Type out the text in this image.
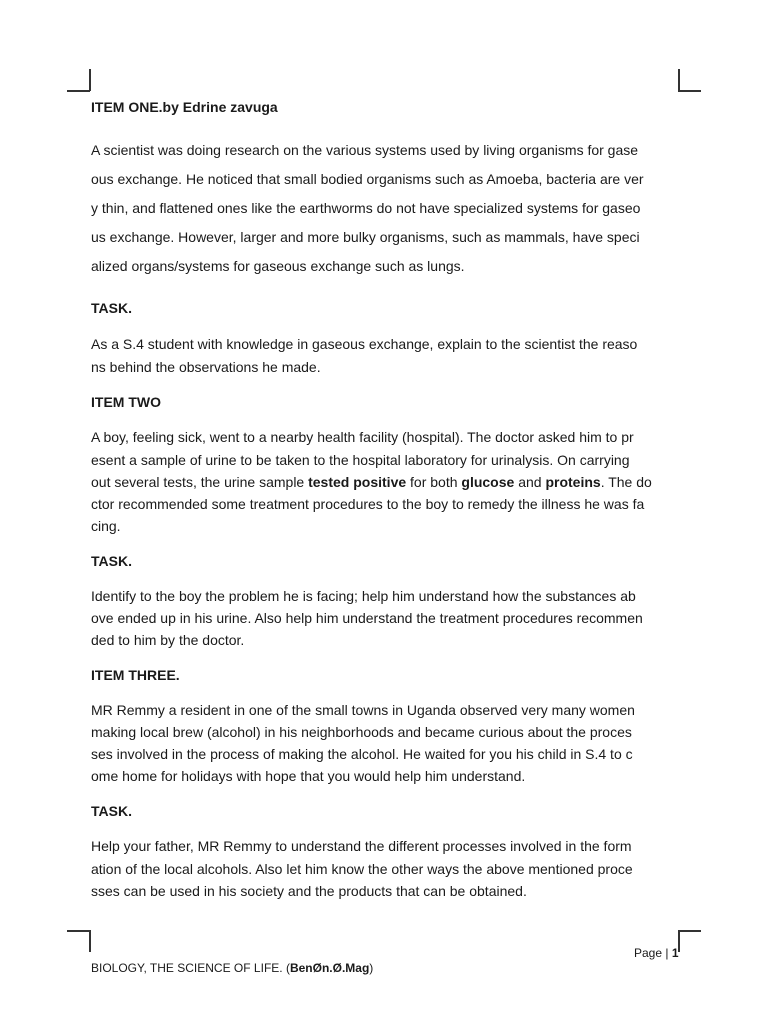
ITEM ONE.by Edrine zavuga
A scientist was doing research on the various systems used by living organisms for gase
ous exchange. He noticed that small bodied organisms such as Amoeba, bacteria are ver
y thin, and flattened ones like the earthworms do not have specialized systems for gaseo
us exchange. However, larger and more bulky organisms, such as mammals, have speci
alized organs/systems for gaseous exchange such as lungs.
TASK.
As a S.4 student with knowledge in gaseous exchange, explain to the scientist the reaso
ns behind the observations he made.
ITEM TWO
A boy, feeling sick, went to a nearby health facility (hospital). The doctor asked him to pr
esent a sample of urine to be taken to the hospital laboratory for urinalysis. On carrying
out several tests, the urine sample tested positive for both glucose and proteins. The do
ctor recommended some treatment procedures to the boy to remedy the illness he was fa
cing.
TASK.
Identify to the boy the problem he is facing; help him understand how the substances ab
ove ended up in his urine. Also help him understand the treatment procedures recommen
ded to him by the doctor.
ITEM THREE.
MR Remmy a resident in one of the small towns in Uganda observed very many women
making local brew (alcohol) in his neighborhoods and became curious about the proces
ses involved in the process of making the alcohol. He waited for you his child in S.4 to c
ome home for holidays with hope that you would help him understand.
TASK.
Help your father, MR Remmy to understand the different processes involved in the form
ation of the local alcohols. Also let him know the other ways the above mentioned proce
sses can be used in his society and the products that can be obtained.
Page | 1
BIOLOGY, THE SCIENCE OF LIFE. (BenØn.Ø.Mag)
